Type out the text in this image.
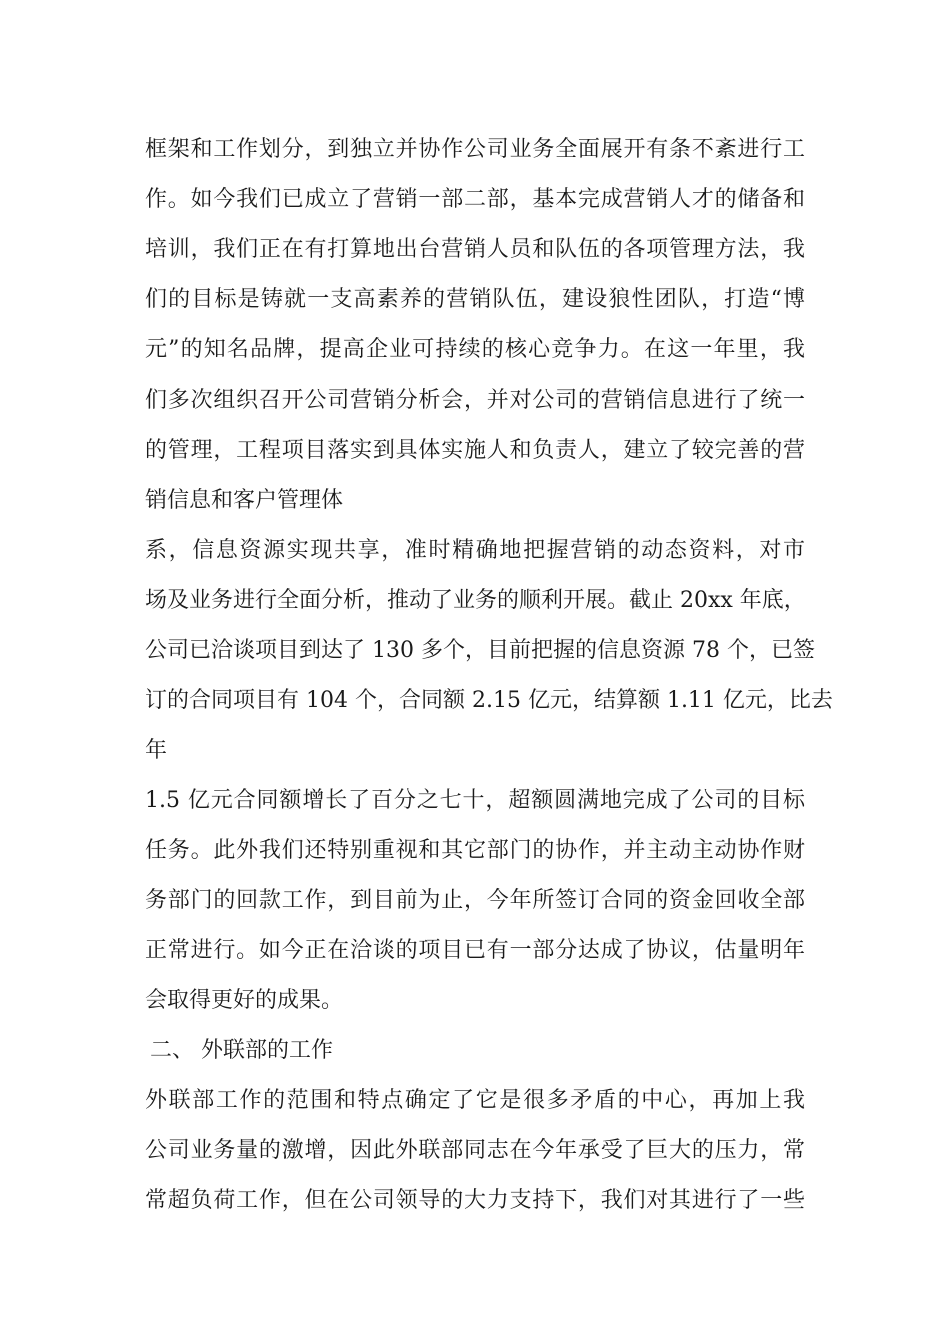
框架和工作划分，到独立并协作公司业务全面展开有条不紊进行工
作。如今我们已成立了营销一部二部，基本完成营销人才的储备和
培训，我们正在有打算地出台营销人员和队伍的各项管理方法，我
们的目标是铸就一支高素养的营销队伍，建设狼性团队，打造“博
元”的知名品牌，提高企业可持续的核心竞争力。在这一年里，我
们多次组织召开公司营销分析会，并对公司的营销信息进行了统一
的管理，工程项目落实到具体实施人和负责人，建立了较完善的营
销信息和客户管理体
系，信息资源实现共享，准时精确地把握营销的动态资料，对市
场及业务进行全面分析，推动了业务的顺利开展。截止 20xx 年底，
公司已洽谈项目到达了 130 多个，目前把握的信息资源 78 个，已签
订的合同项目有 104 个，合同额 2.15 亿元，结算额 1.11 亿元，比去
年
1.5 亿元合同额增长了百分之七十，超额圆满地完成了公司的目标
任务。此外我们还特别重视和其它部门的协作，并主动主动协作财
务部门的回款工作，到目前为止，今年所签订合同的资金回收全部
正常进行。如今正在洽谈的项目已有一部分达成了协议，估量明年
会取得更好的成果。
二、 外联部的工作
外联部工作的范围和特点确定了它是很多矛盾的中心，再加上我
公司业务量的激增，因此外联部同志在今年承受了巨大的压力，常
常超负荷工作，但在公司领导的大力支持下，我们对其进行了一些
